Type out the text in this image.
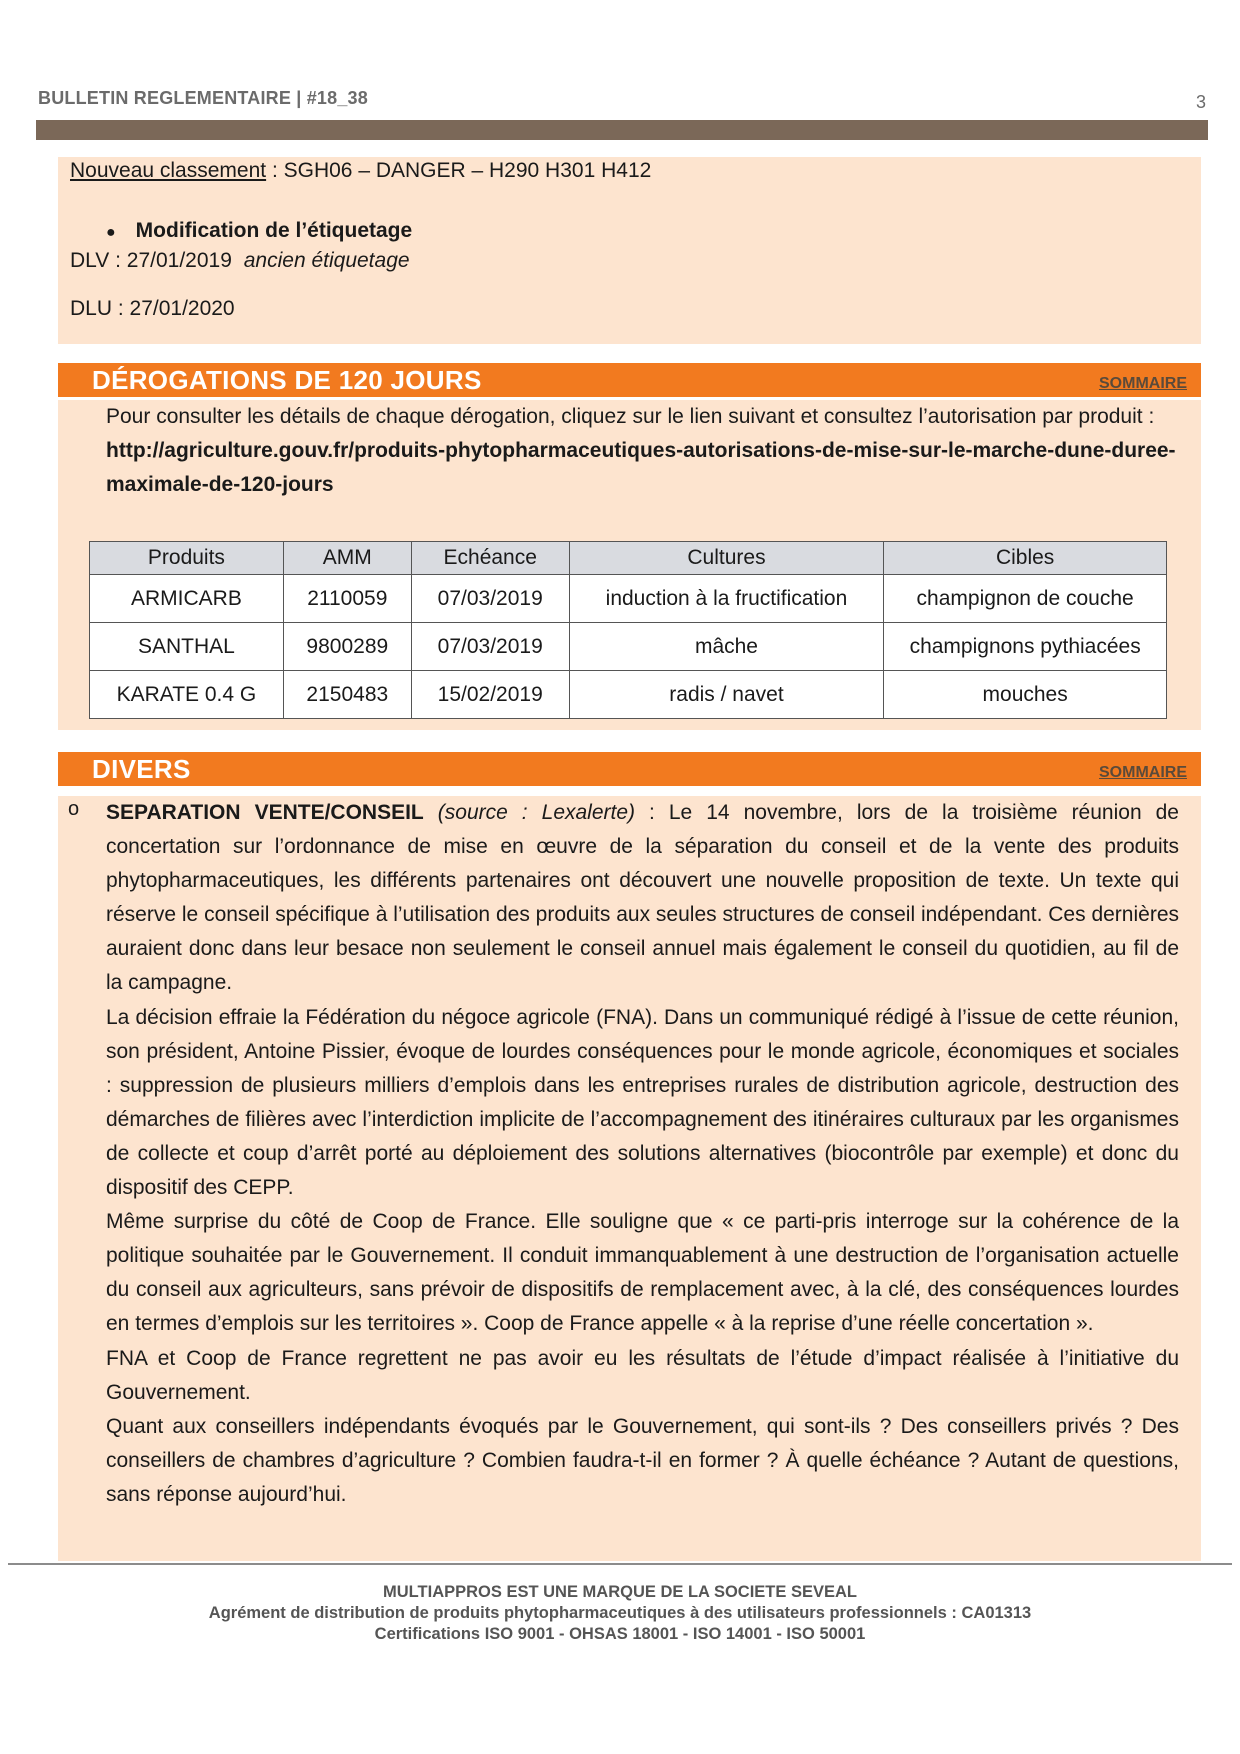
BULLETIN REGLEMENTAIRE | #18_38	3
Nouveau classement : SGH06 – DANGER – H290 H301 H412
● Modification de l’étiquetage
DLV : 27/01/2019 ancien étiquetage
DLU : 27/01/2020
DÉROGATIONS DE 120 JOURS	SOMMAIRE
Pour consulter les détails de chaque dérogation, cliquez sur le lien suivant et consultez l’autorisation par produit :
http://agriculture.gouv.fr/produits-phytopharmaceutiques-autorisations-de-mise-sur-le-marche-dune-duree-maximale-de-120-jours
Produits	AMM	Echéance	Cultures	Cibles
ARMICARB	2110059	07/03/2019	induction à la fructification	champignon de couche
SANTHAL	9800289	07/03/2019	mâche	champignons pythiacées
KARATE 0.4 G	2150483	15/02/2019	radis / navet	mouches
DIVERS	SOMMAIRE
o SEPARATION VENTE/CONSEIL (source : Lexalerte) : Le 14 novembre, lors de la troisième réunion de concertation sur l’ordonnance de mise en œuvre de la séparation du conseil et de la vente des produits phytopharmaceutiques, les différents partenaires ont découvert une nouvelle proposition de texte. Un texte qui réserve le conseil spécifique à l’utilisation des produits aux seules structures de conseil indépendant. Ces dernières auraient donc dans leur besace non seulement le conseil annuel mais également le conseil du quotidien, au fil de la campagne.
La décision effraie la Fédération du négoce agricole (FNA). Dans un communiqué rédigé à l’issue de cette réunion, son président, Antoine Pissier, évoque de lourdes conséquences pour le monde agricole, économiques et sociales : suppression de plusieurs milliers d’emplois dans les entreprises rurales de distribution agricole, destruction des démarches de filières avec l’interdiction implicite de l’accompagnement des itinéraires culturaux par les organismes de collecte et coup d’arrêt porté au déploiement des solutions alternatives (biocontrôle par exemple) et donc du dispositif des CEPP.
Même surprise du côté de Coop de France. Elle souligne que « ce parti-pris interroge sur la cohérence de la politique souhaitée par le Gouvernement. Il conduit immanquablement à une destruction de l’organisation actuelle du conseil aux agriculteurs, sans prévoir de dispositifs de remplacement avec, à la clé, des conséquences lourdes en termes d’emplois sur les territoires ». Coop de France appelle « à la reprise d’une réelle concertation ».
FNA et Coop de France regrettent ne pas avoir eu les résultats de l’étude d’impact réalisée à l’initiative du Gouvernement.
Quant aux conseillers indépendants évoqués par le Gouvernement, qui sont-ils ? Des conseillers privés ? Des conseillers de chambres d’agriculture ? Combien faudra-t-il en former ? À quelle échéance ? Autant de questions, sans réponse aujourd’hui.
MULTIAPPROS EST UNE MARQUE DE LA SOCIETE SEVEAL
Agrément de distribution de produits phytopharmaceutiques à des utilisateurs professionnels : CA01313
Certifications ISO 9001 - OHSAS 18001 - ISO 14001 - ISO 50001
